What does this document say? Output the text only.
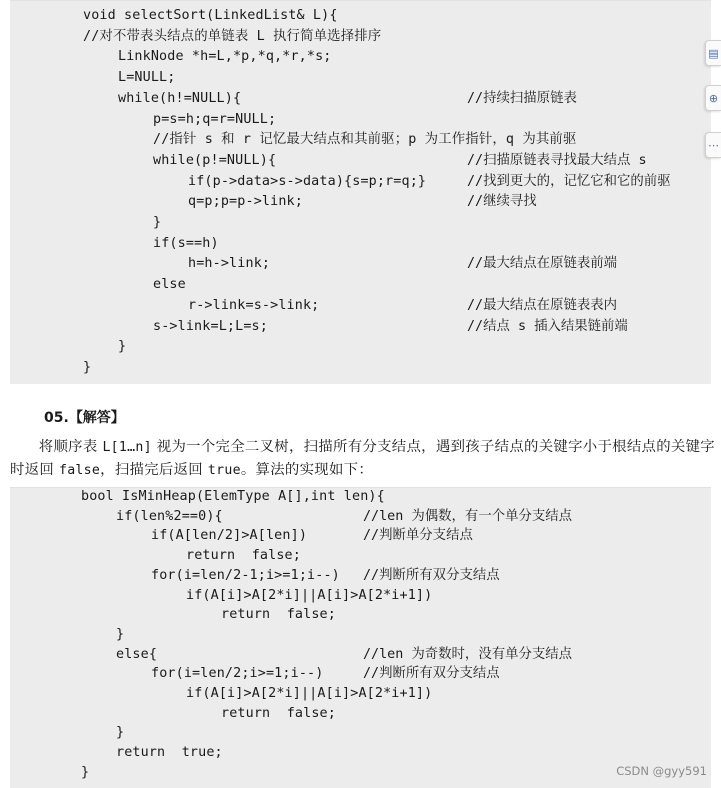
void selectSort(LinkedList& L){
//对不带表头结点的单链表 L 执行简单选择排序
LinkNode *h=L,*p,*q,*r,*s;
L=NULL;
while(h!=NULL){	//持续扫描原链表
p=s=h;q=r=NULL;
//指针 s 和 r 记忆最大结点和其前驱；p 为工作指针，q 为其前驱
while(p!=NULL){	//扫描原链表寻找最大结点 s
if(p->data>s->data){s=p;r=q;}	//找到更大的，记忆它和它的前驱
q=p;p=p->link;	//继续寻找
}
if(s==h)
h=h->link;	//最大结点在原链表前端
else
r->link=s->link;	//最大结点在原链表表内
s->link=L;L=s;	//结点 s 插入结果链前端
}
}
05.【解答】
将顺序表 L[1…n] 视为一个完全二叉树，扫描所有分支结点，遇到孩子结点的关键字小于根结点的关键字时返回 false，扫描完后返回 true。算法的实现如下：
bool IsMinHeap(ElemType A[],int len){
if(len%2==0){	//len 为偶数，有一个单分支结点
if(A[len/2]>A[len])	//判断单分支结点
return  false;
for(i=len/2-1;i>=1;i--) //判断所有双分支结点
if(A[i]>A[2*i]||A[i]>A[2*i+1])
return  false;
}
else{	//len 为奇数时，没有单分支结点
for(i=len/2;i>=1;i--)	//判断所有双分支结点
if(A[i]>A[2*i]||A[i]>A[2*i+1])
return  false;
}
return  true;
}
▤
⊕
⋯
CSDN @gyy591
